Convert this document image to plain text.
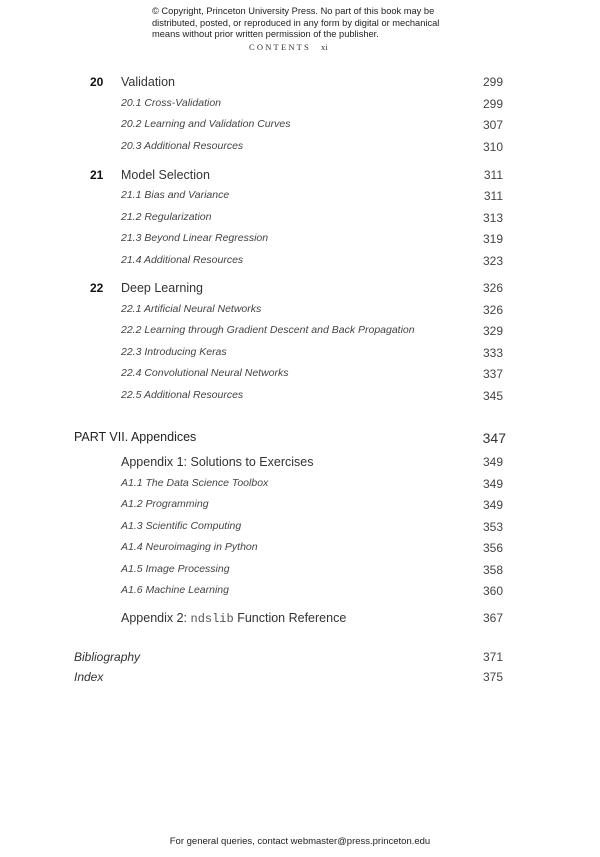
© Copyright, Princeton University Press. No part of this book may be distributed, posted, or reproduced in any form by digital or mechanical means without prior written permission of the publisher.
CONTENTS xi
20 Validation	299
20.1 Cross-Validation	299
20.2 Learning and Validation Curves	307
20.3 Additional Resources	310
21 Model Selection	311
21.1 Bias and Variance	311
21.2 Regularization	313
21.3 Beyond Linear Regression	319
21.4 Additional Resources	323
22 Deep Learning	326
22.1 Artificial Neural Networks	326
22.2 Learning through Gradient Descent and Back Propagation	329
22.3 Introducing Keras	333
22.4 Convolutional Neural Networks	337
22.5 Additional Resources	345
PART VII. Appendices	347
Appendix 1: Solutions to Exercises	349
A1.1 The Data Science Toolbox	349
A1.2 Programming	349
A1.3 Scientific Computing	353
A1.4 Neuroimaging in Python	356
A1.5 Image Processing	358
A1.6 Machine Learning	360
Appendix 2: ndslib Function Reference	367
Bibliography	371
Index	375
For general queries, contact webmaster@press.princeton.edu
